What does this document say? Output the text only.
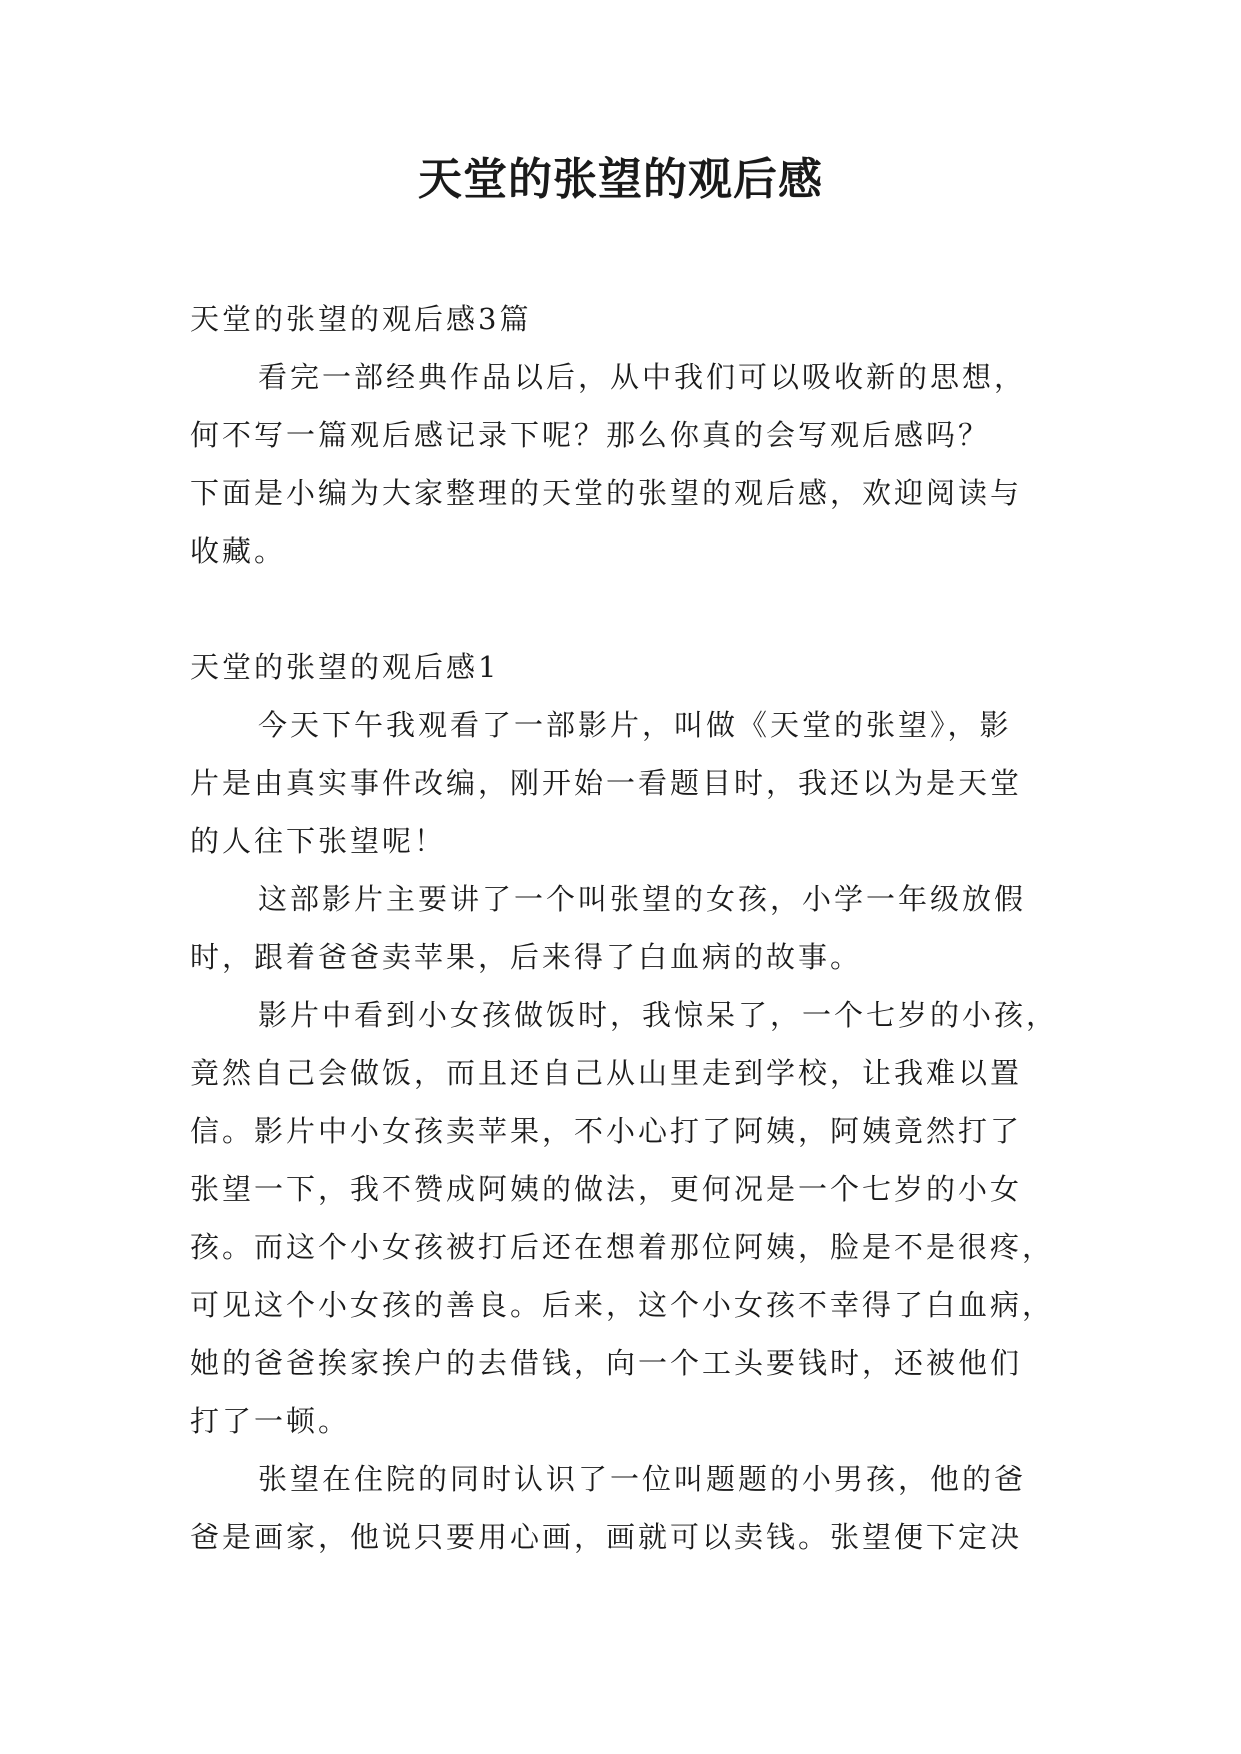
天堂的张望的观后感
天堂的张望的观后感3篇
看完一部经典作品以后，从中我们可以吸收新的思想，
何不写一篇观后感记录下呢？那么你真的会写观后感吗？
下面是小编为大家整理的天堂的张望的观后感，欢迎阅读与
收藏。
天堂的张望的观后感1
今天下午我观看了一部影片，叫做《天堂的张望》，影
片是由真实事件改编，刚开始一看题目时，我还以为是天堂
的人往下张望呢！
这部影片主要讲了一个叫张望的女孩，小学一年级放假
时，跟着爸爸卖苹果，后来得了白血病的故事。
影片中看到小女孩做饭时，我惊呆了，一个七岁的小孩，
竟然自己会做饭，而且还自己从山里走到学校，让我难以置
信。影片中小女孩卖苹果，不小心打了阿姨，阿姨竟然打了
张望一下，我不赞成阿姨的做法，更何况是一个七岁的小女
孩。而这个小女孩被打后还在想着那位阿姨，脸是不是很疼，
可见这个小女孩的善良。后来，这个小女孩不幸得了白血病，
她的爸爸挨家挨户的去借钱，向一个工头要钱时，还被他们
打了一顿。
张望在住院的同时认识了一位叫题题的小男孩，他的爸
爸是画家，他说只要用心画，画就可以卖钱。张望便下定决
